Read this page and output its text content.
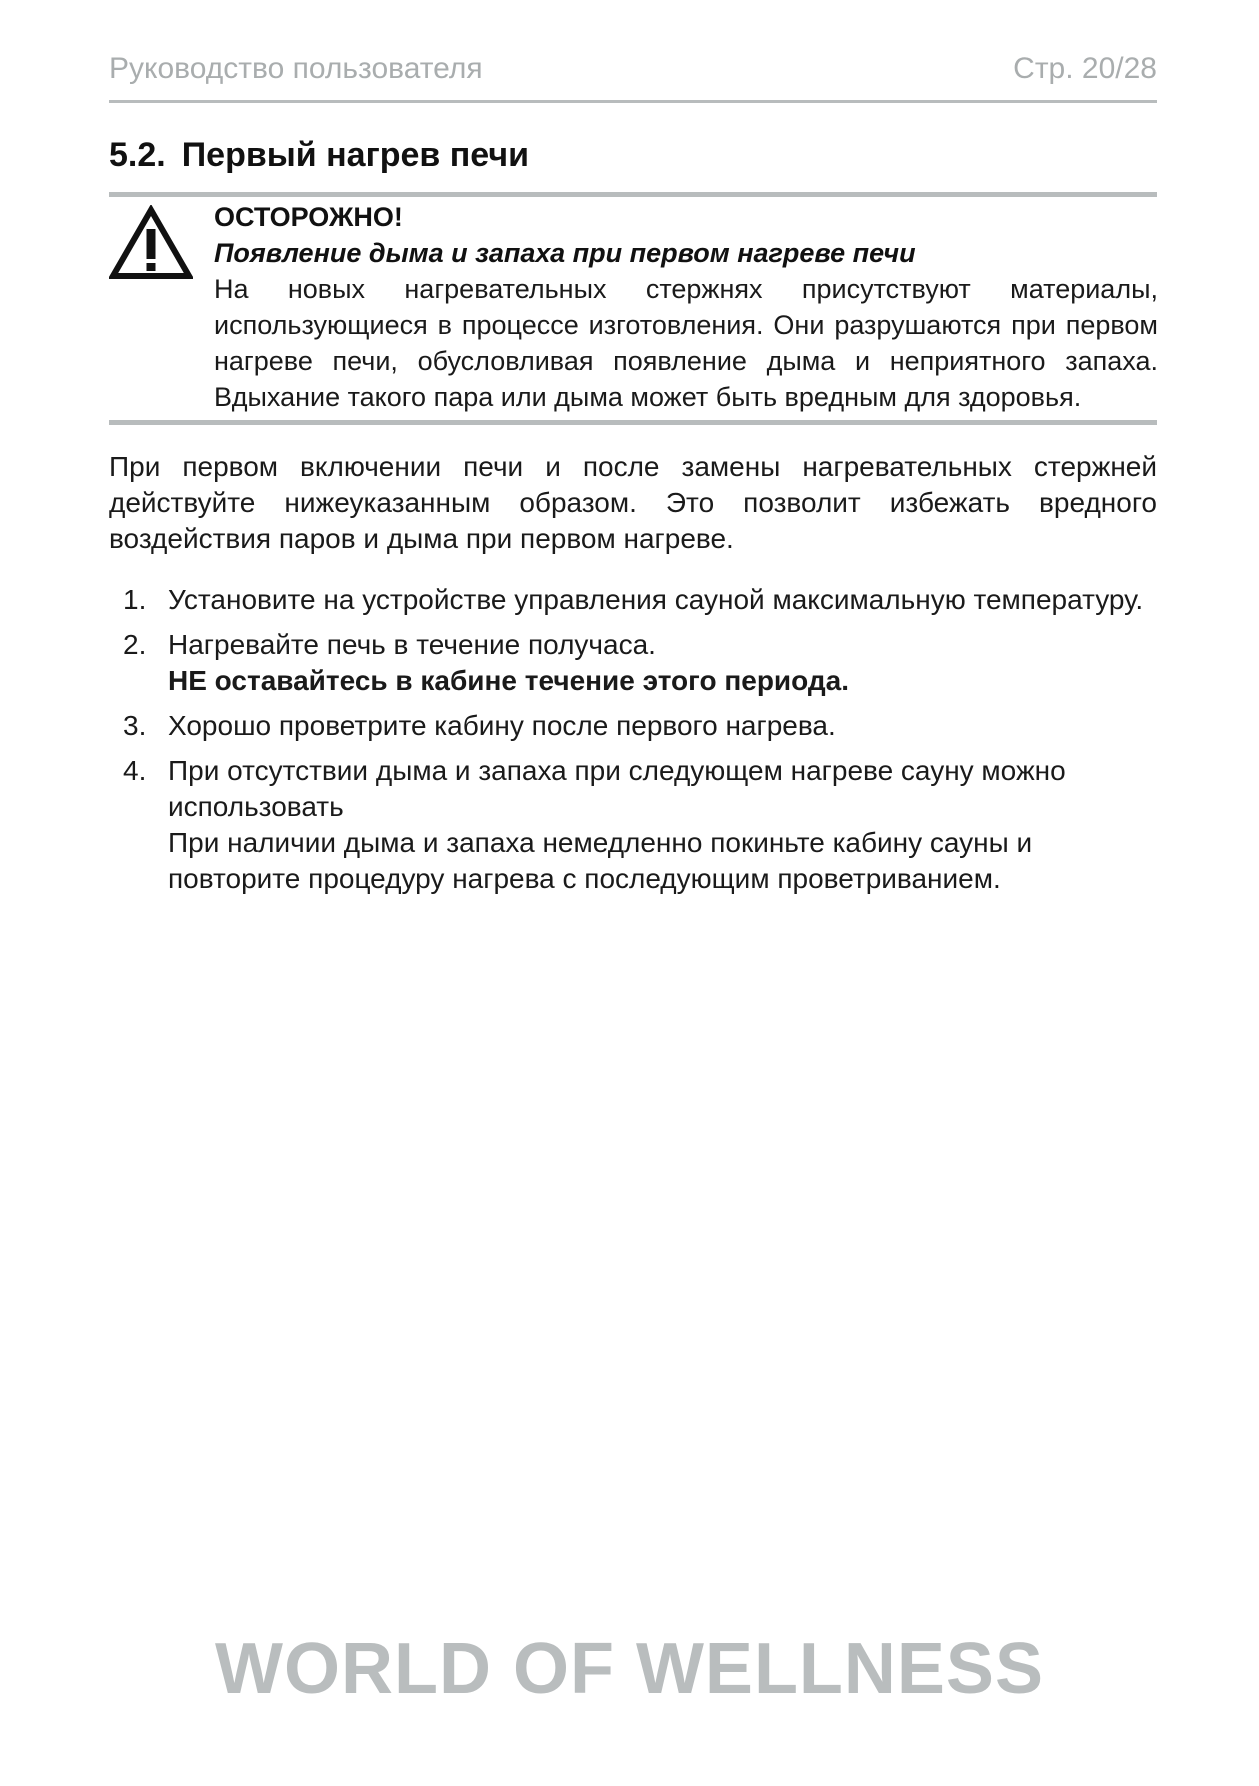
Руководство пользователя	Стр. 20/28
5.2. Первый нагрев печи
ОСТОРОЖНО!
Появление дыма и запаха при первом нагреве печи
На новых нагревательных стержнях присутствуют материалы, использующиеся в процессе изготовления. Они разрушаются при первом нагреве печи, обусловливая появление дыма и неприятного запаха. Вдыхание такого пара или дыма может быть вредным для здоровья.
При первом включении печи и после замены нагревательных стержней действуйте нижеуказанным образом. Это позволит избежать вредного воздействия паров и дыма при первом нагреве.
1. Установите на устройстве управления сауной максимальную температуру.
2. Нагревайте печь в течение получаса.
НЕ оставайтесь в кабине течение этого периода.
3. Хорошо проветрите кабину после первого нагрева.
4. При отсутствии дыма и запаха при следующем нагреве сауну можно использовать
При наличии дыма и запаха немедленно покиньте кабину сауны и повторите процедуру нагрева с последующим проветриванием.
WORLD OF WELLNESS
